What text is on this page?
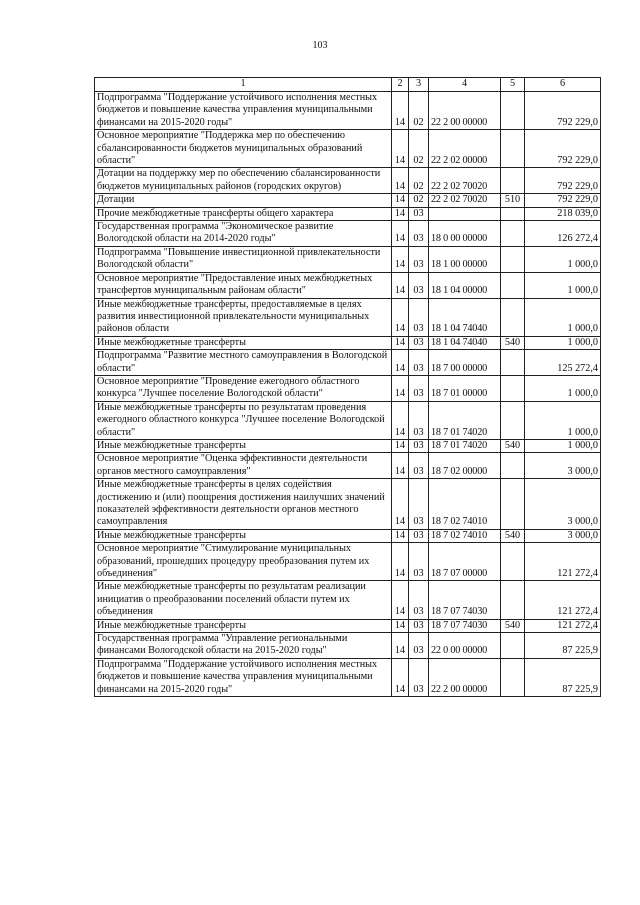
103
1	2	3	4	5	6
Подпрограмма "Поддержание устойчивого исполнения местных бюджетов и повышение качества управления муниципальными финансами на 2015-2020 годы"	14	02	22 2 00 00000		792 229,0
Основное мероприятие "Поддержка мер по обеспечению сбалансированности бюджетов муниципальных образований области"	14	02	22 2 02 00000		792 229,0
Дотации на поддержку мер по обеспечению сбалансированности бюджетов муниципальных районов (городских округов)	14	02	22 2 02 70020		792 229,0
Дотации	14	02	22 2 02 70020	510	792 229,0
Прочие межбюджетные трансферты общего характера	14	03			218 039,0
Государственная программа "Экономическое развитие Вологодской области на 2014-2020 годы"	14	03	18 0 00 00000		126 272,4
Подпрограмма "Повышение инвестиционной привлекательности Вологодской области"	14	03	18 1 00 00000		1 000,0
Основное мероприятие "Предоставление иных межбюджетных трансфертов муниципальным районам области"	14	03	18 1 04 00000		1 000,0
Иные межбюджетные трансферты, предоставляемые в целях развития инвестиционной привлекательности муниципальных районов области	14	03	18 1 04 74040		1 000,0
Иные межбюджетные трансферты	14	03	18 1 04 74040	540	1 000,0
Подпрограмма "Развитие местного самоуправления в Вологодской области"	14	03	18 7 00 00000		125 272,4
Основное мероприятие "Проведение ежегодного областного конкурса "Лучшее поселение Вологодской области"	14	03	18 7 01 00000		1 000,0
Иные межбюджетные трансферты по результатам проведения ежегодного областного конкурса "Лучшее поселение Вологодской области"	14	03	18 7 01 74020		1 000,0
Иные межбюджетные трансферты	14	03	18 7 01 74020	540	1 000,0
Основное мероприятие "Оценка эффективности деятельности органов местного самоуправления"	14	03	18 7 02 00000		3 000,0
Иные межбюджетные трансферты в целях содействия достижению и (или) поощрения достижения наилучших значений показателей эффективности деятельности органов местного самоуправления	14	03	18 7 02 74010		3 000,0
Иные межбюджетные трансферты	14	03	18 7 02 74010	540	3 000,0
Основное мероприятие "Стимулирование муниципальных образований, прошедших процедуру преобразования путем их объединения"	14	03	18 7 07 00000		121 272,4
Иные межбюджетные трансферты по результатам реализации инициатив о преобразовании поселений области путем их объединения	14	03	18 7 07 74030		121 272,4
Иные межбюджетные трансферты	14	03	18 7 07 74030	540	121 272,4
Государственная программа "Управление региональными финансами Вологодской области на 2015-2020 годы"	14	03	22 0 00 00000		87 225,9
Подпрограмма "Поддержание устойчивого исполнения местных бюджетов и повышение качества управления муниципальными финансами на 2015-2020 годы"	14	03	22 2 00 00000		87 225,9
